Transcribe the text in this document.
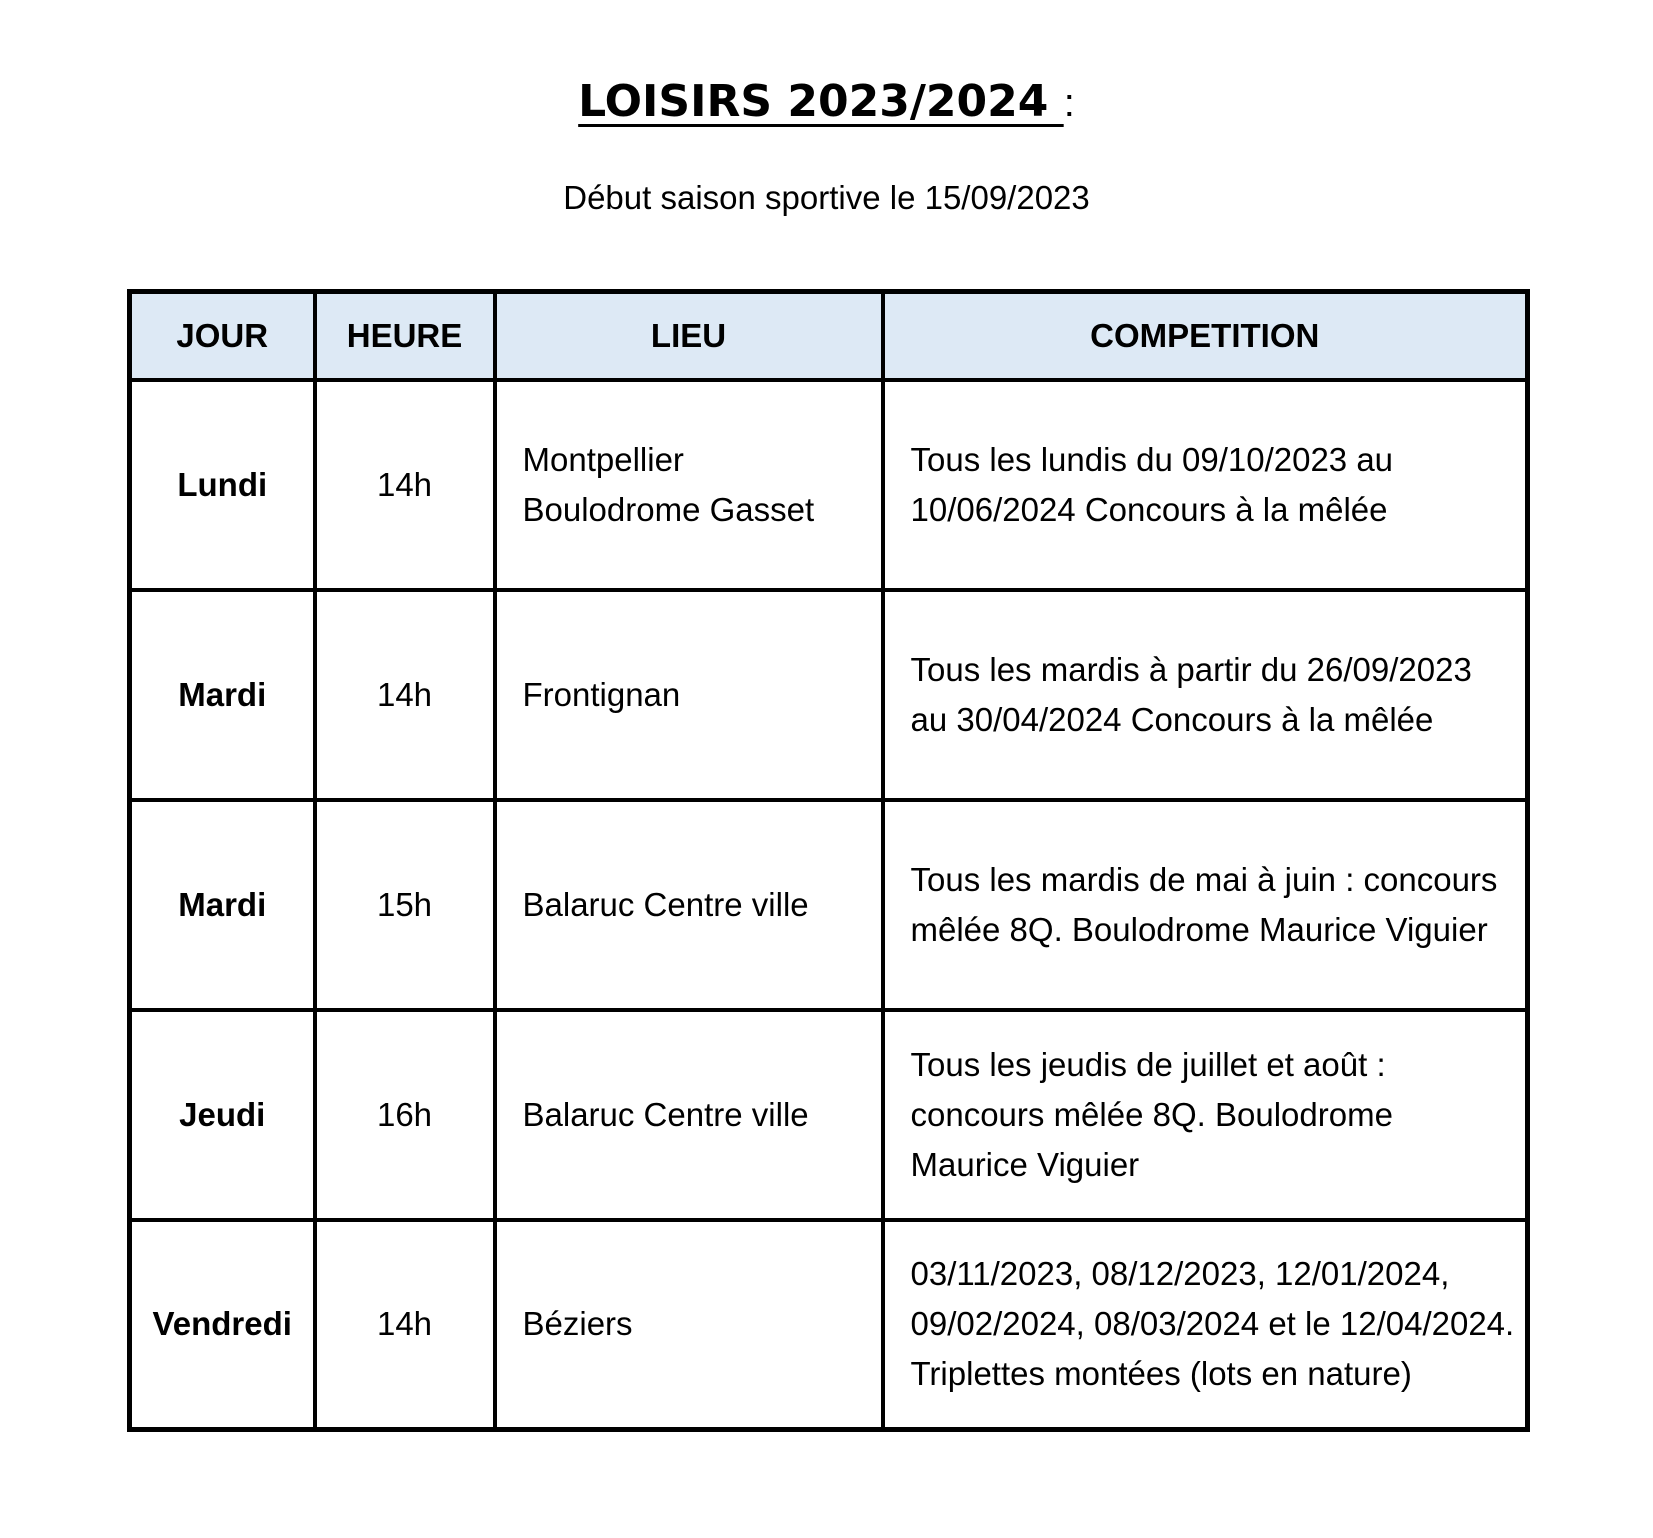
LOISIRS 2023/2024 :
Début saison sportive le 15/09/2023
JOUR	HEURE	LIEU	COMPETITION
Lundi	14h	Montpellier Boulodrome Gasset	Tous les lundis du 09/10/2023 au 10/06/2024 Concours à la mêlée
Mardi	14h	Frontignan	Tous les mardis à partir du 26/09/2023 au 30/04/2024 Concours à la mêlée
Mardi	15h	Balaruc Centre ville	Tous les mardis de mai à juin : concours mêlée 8Q. Boulodrome Maurice Viguier
Jeudi	16h	Balaruc Centre ville	Tous les jeudis de juillet et août : concours mêlée 8Q. Boulodrome Maurice Viguier
Vendredi	14h	Béziers	03/11/2023, 08/12/2023, 12/01/2024, 09/02/2024, 08/03/2024 et le 12/04/2024. Triplettes montées (lots en nature)
